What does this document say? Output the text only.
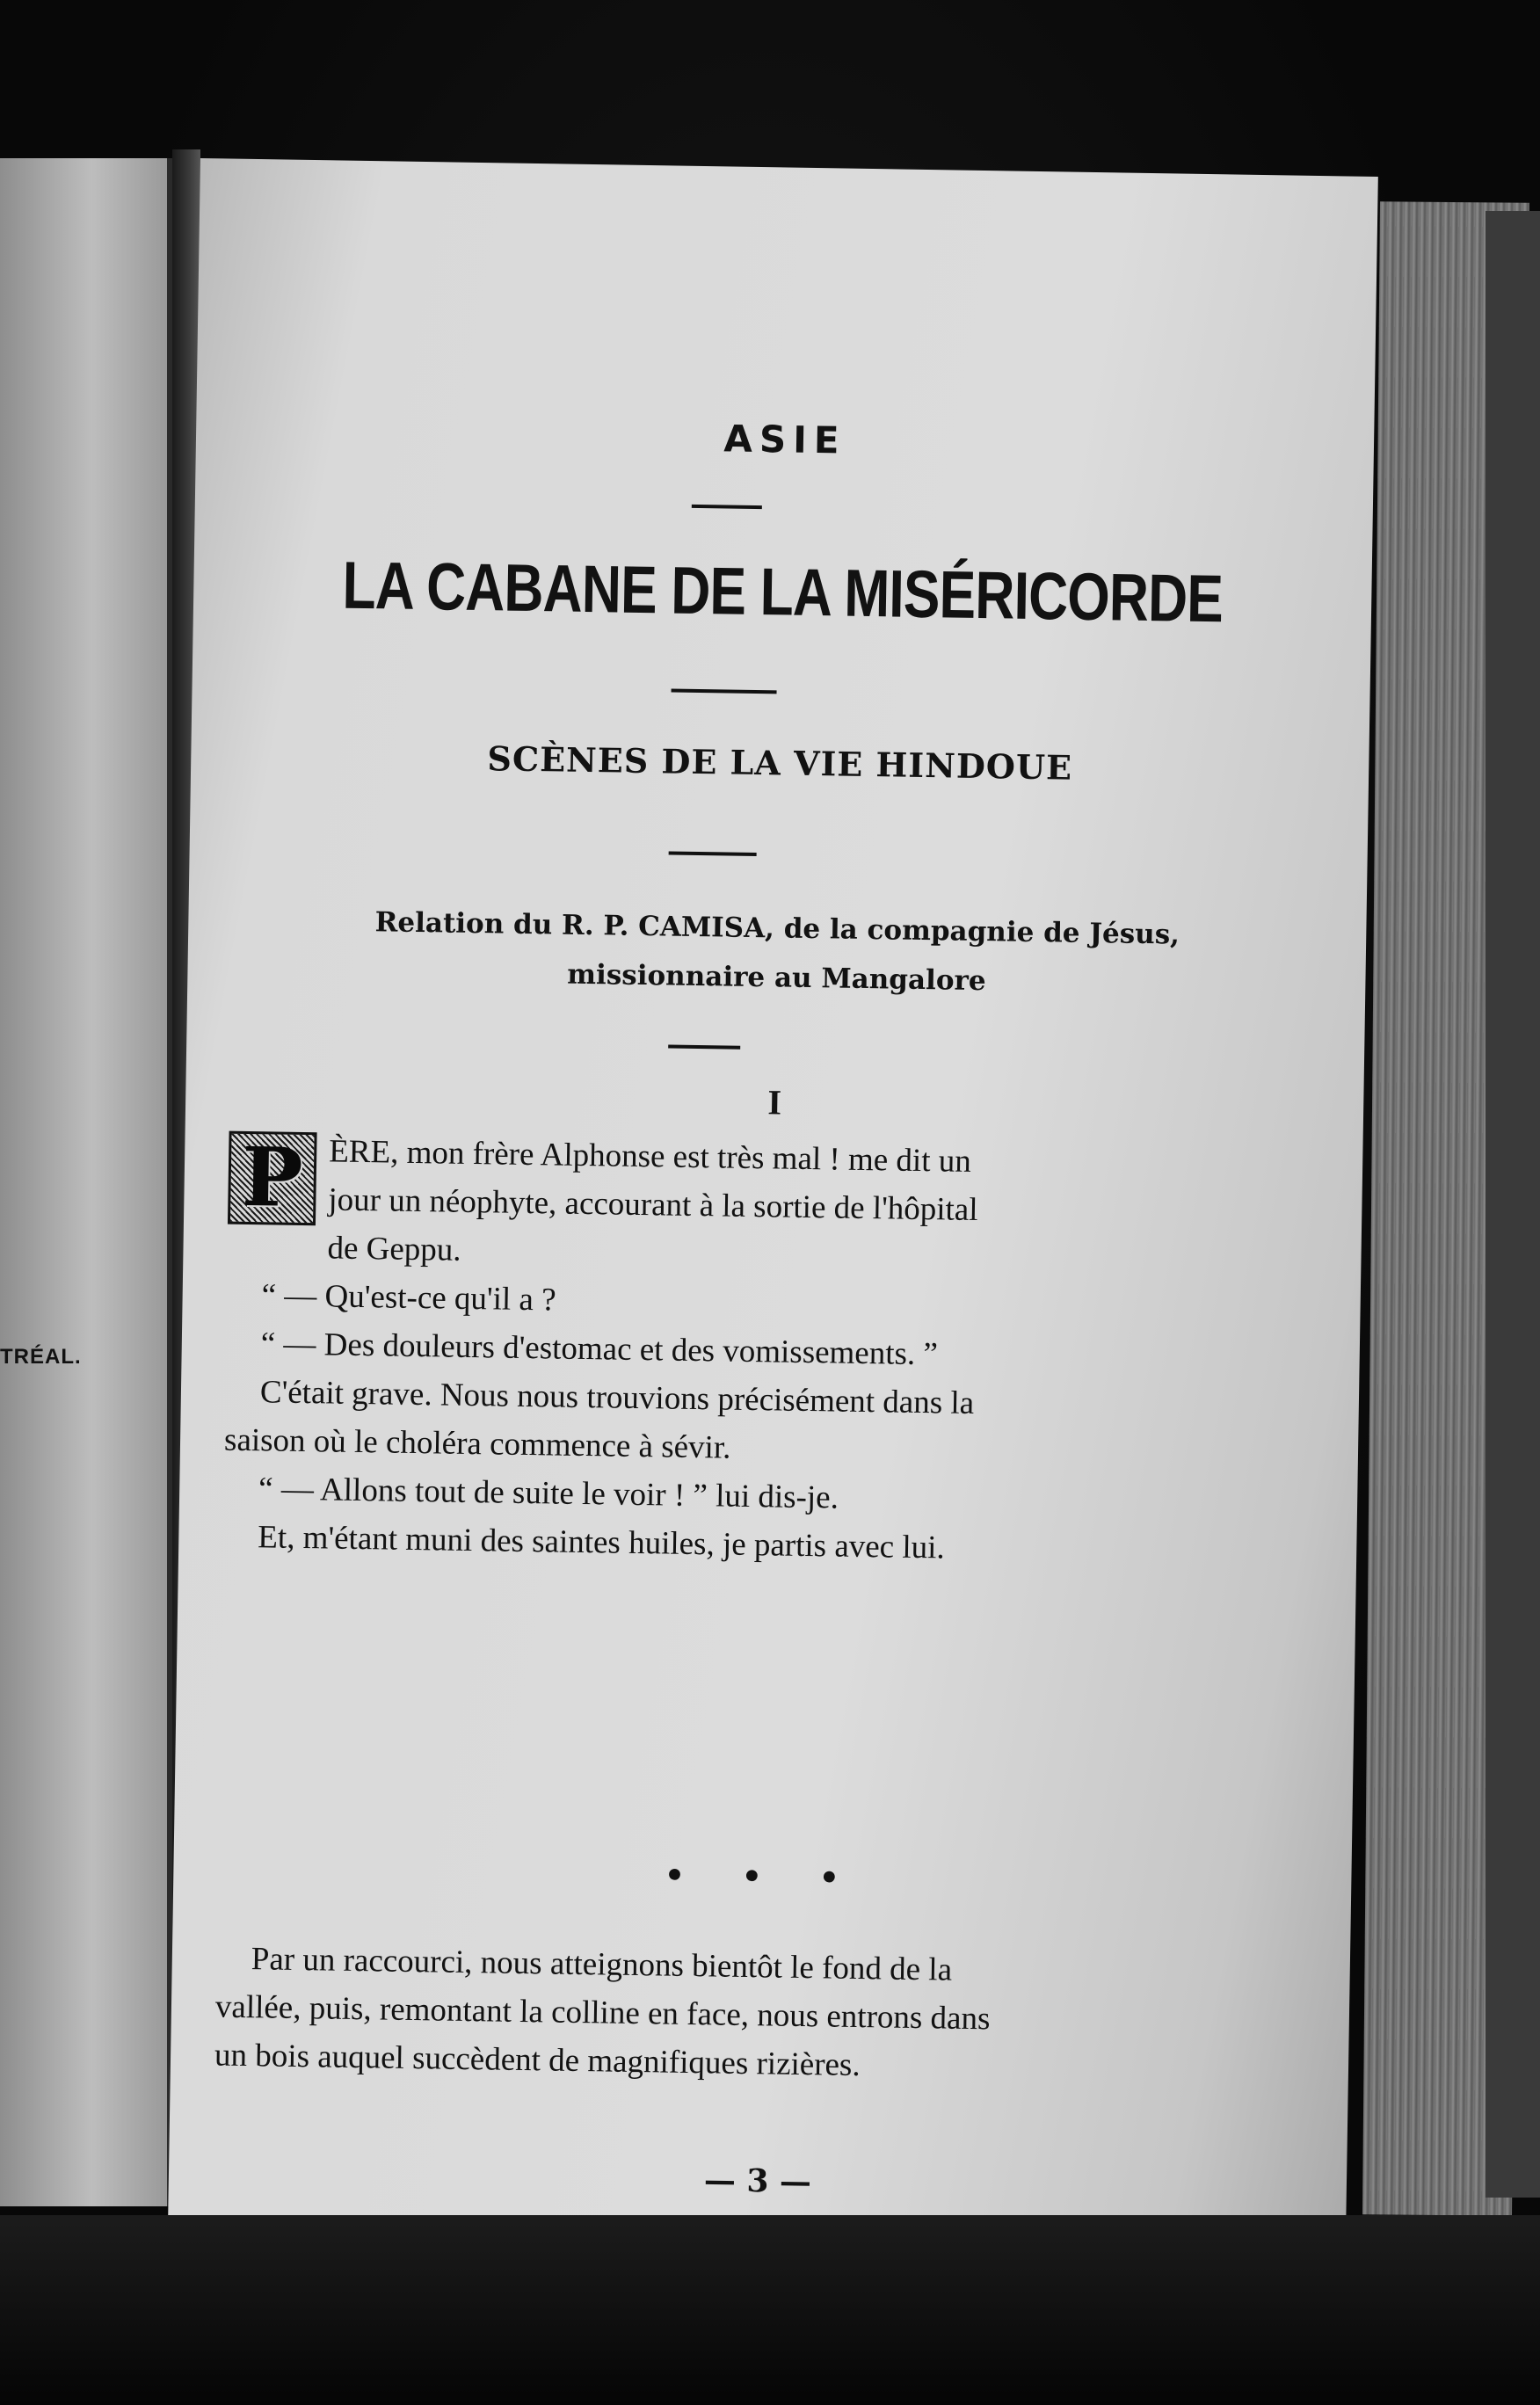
TRÉAL.
ASIE
LA CABANE DE LA MISÉRICORDE
SCÈNES DE LA VIE HINDOUE
Relation du R. P. CAMISA, de la compagnie de Jésus,
missionnaire au Mangalore
I
P ÈRE, mon frère Alphonse est très mal ! me dit un
jour un néophyte, accourant à la sortie de l'hôpital
de Geppu.
“ — Qu'est-ce qu'il a ?
“ — Des douleurs d'estomac et des vomissements. ”
C'était grave. Nous nous trouvions précisément dans la
saison où le choléra commence à sévir.
“ — Allons tout de suite le voir ! ” lui dis-je.
Et, m'étant muni des saintes huiles, je partis avec lui.
• • •
Par un raccourci, nous atteignons bientôt le fond de la
vallée, puis, remontant la colline en face, nous entrons dans
un bois auquel succèdent de magnifiques rizières.
— 3 —
